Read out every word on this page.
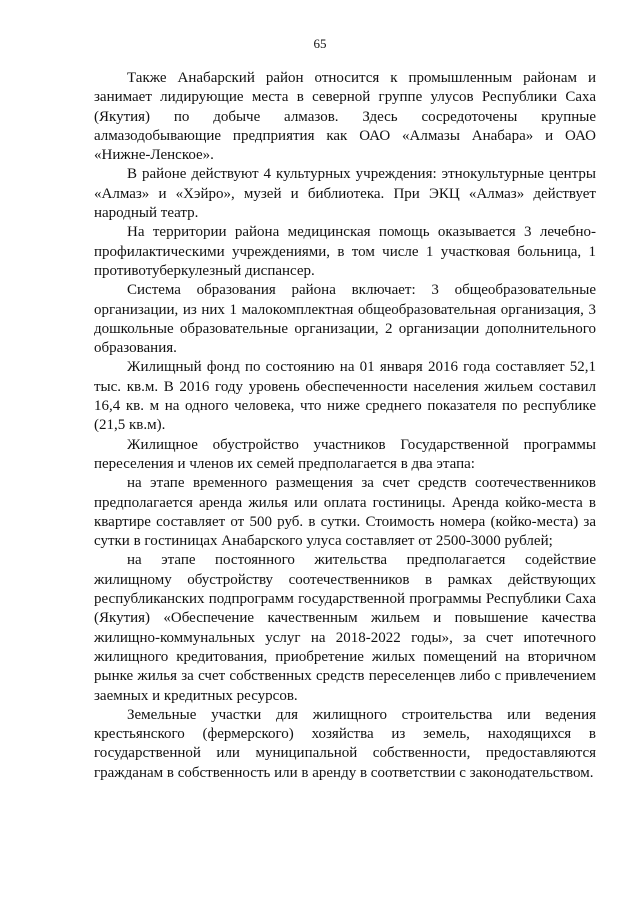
65

Также Анабарский район относится к промышленным районам и занимает лидирующие места в северной группе улусов Республики Саха (Якутия) по добыче алмазов. Здесь сосредоточены крупные алмазодобывающие предприятия как ОАО «Алмазы Анабара» и ОАО «Нижне-Ленское».

В районе действуют 4 культурных учреждения: этнокультурные центры «Алмаз» и «Хэйро», музей и библиотека. При ЭКЦ «Алмаз» действует народный театр.

На территории района медицинская помощь оказывается 3 лечебно-профилактическими учреждениями, в том числе 1 участковая больница, 1 противотуберкулезный диспансер.

Система образования района включает: 3 общеобразовательные организации, из них 1 малокомплектная общеобразовательная организация, 3 дошкольные образовательные организации, 2 организации дополнительного образования.

Жилищный фонд по состоянию на 01 января 2016 года составляет 52,1 тыс. кв.м. В 2016 году уровень обеспеченности населения жильем составил 16,4 кв. м на одного человека, что ниже среднего показателя по республике (21,5 кв.м).

Жилищное обустройство участников Государственной программы переселения и членов их семей предполагается в два этапа:

на этапе временного размещения за счет средств соотечественников предполагается аренда жилья или оплата гостиницы. Аренда койко-места в квартире составляет от 500 руб. в сутки. Стоимость номера (койко-места) за сутки в гостиницах Анабарского улуса составляет от 2500-3000 рублей;

на этапе постоянного жительства предполагается содействие жилищному обустройству соотечественников в рамках действующих республиканских подпрограмм государственной программы Республики Саха (Якутия) «Обеспечение качественным жильем и повышение качества жилищно-коммунальных услуг на 2018-2022 годы», за счет ипотечного жилищного кредитования, приобретение жилых помещений на вторичном рынке жилья за счет собственных средств переселенцев либо с привлечением заемных и кредитных ресурсов.

Земельные участки для жилищного строительства или ведения крестьянского (фермерского) хозяйства из земель, находящихся в государственной или муниципальной собственности, предоставляются гражданам в собственность или в аренду в соответствии с законодательством.
